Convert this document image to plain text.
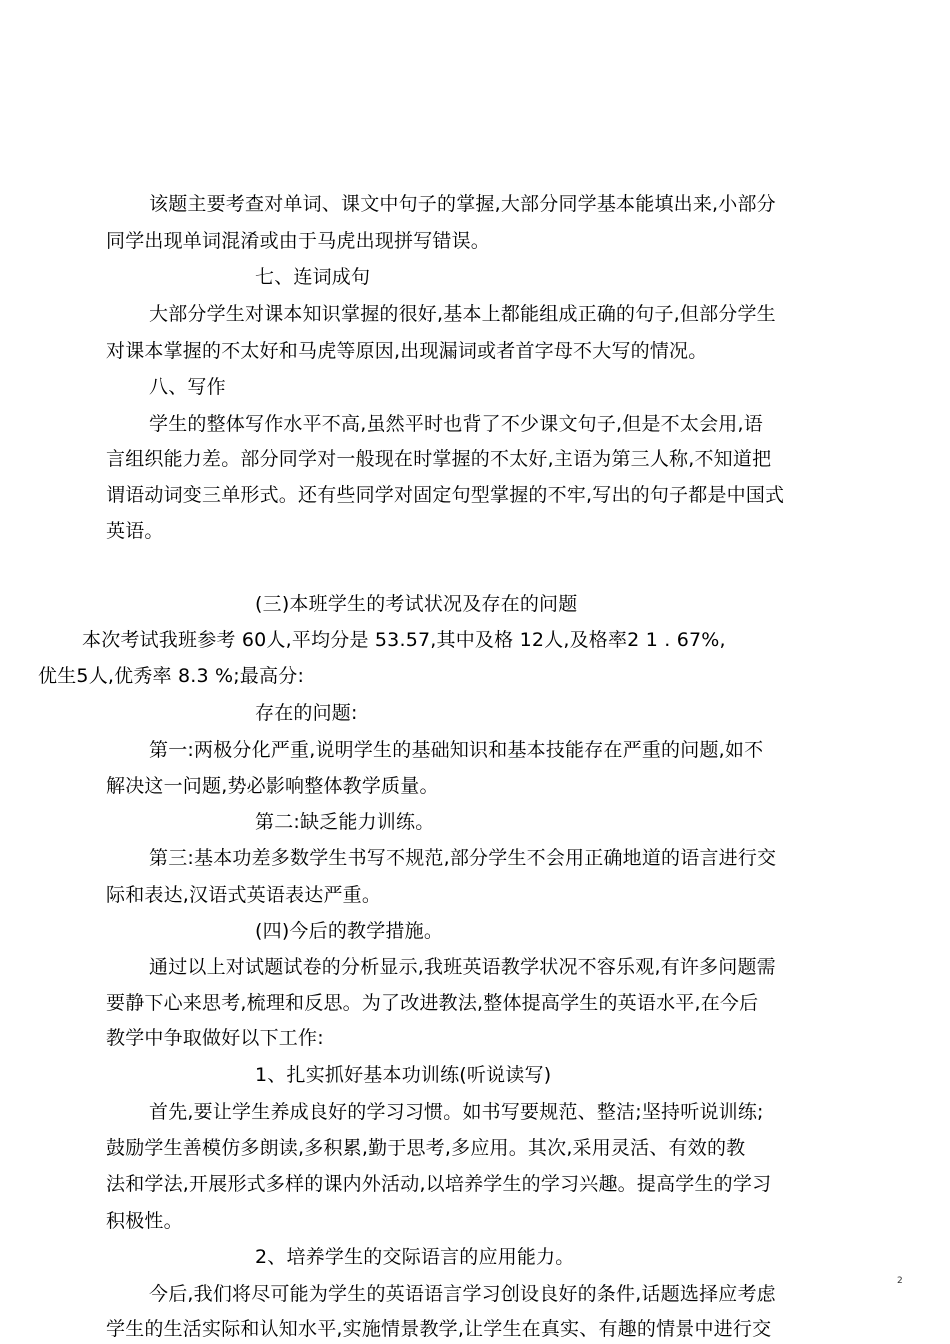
该题主要考查对单词、课文中句子的掌握,大部分同学基本能填出来,小部分
同学出现单词混淆或由于马虎出现拼写错误。
七、连词成句
大部分学生对课本知识掌握的很好,基本上都能组成正确的句子,但部分学生
对课本掌握的不太好和马虎等原因,出现漏词或者首字母不大写的情况。
八、写作
学生的整体写作水平不高,虽然平时也背了不少课文句子,但是不太会用,语
言组织能力差。部分同学对一般现在时掌握的不太好,主语为第三人称,不知道把
谓语动词变三单形式。还有些同学对固定句型掌握的不牢,写出的句子都是中国式
英语。
(三)本班学生的考试状况及存在的问题
本次考试我班参考 60人,平均分是 53.57,其中及格 12人,及格率2 1 . 67%,
优生5人,优秀率 8.3 %;最高分:
存在的问题:
第一:两极分化严重,说明学生的基础知识和基本技能存在严重的问题,如不
解决这一问题,势必影响整体教学质量。
第二:缺乏能力训练。
第三:基本功差多数学生书写不规范,部分学生不会用正确地道的语言进行交
际和表达,汉语式英语表达严重。
(四)今后的教学措施。
通过以上对试题试卷的分析显示,我班英语教学状况不容乐观,有许多问题需
要静下心来思考,梳理和反思。为了改进教法,整体提高学生的英语水平,在今后
教学中争取做好以下工作:
1、扎实抓好基本功训练(听说读写)
首先,要让学生养成良好的学习习惯。如书写要规范、整洁;坚持听说训练;
鼓励学生善模仿多朗读,多积累,勤于思考,多应用。其次,采用灵活、有效的教
法和学法,开展形式多样的课内外活动,以培养学生的学习兴趣。提高学生的学习
积极性。
2、培养学生的交际语言的应用能力。
今后,我们将尽可能为学生的英语语言学习创设良好的条件,话题选择应考虑
学生的生活实际和认知水平,实施情景教学,让学生在真实、有趣的情景中进行交
2
